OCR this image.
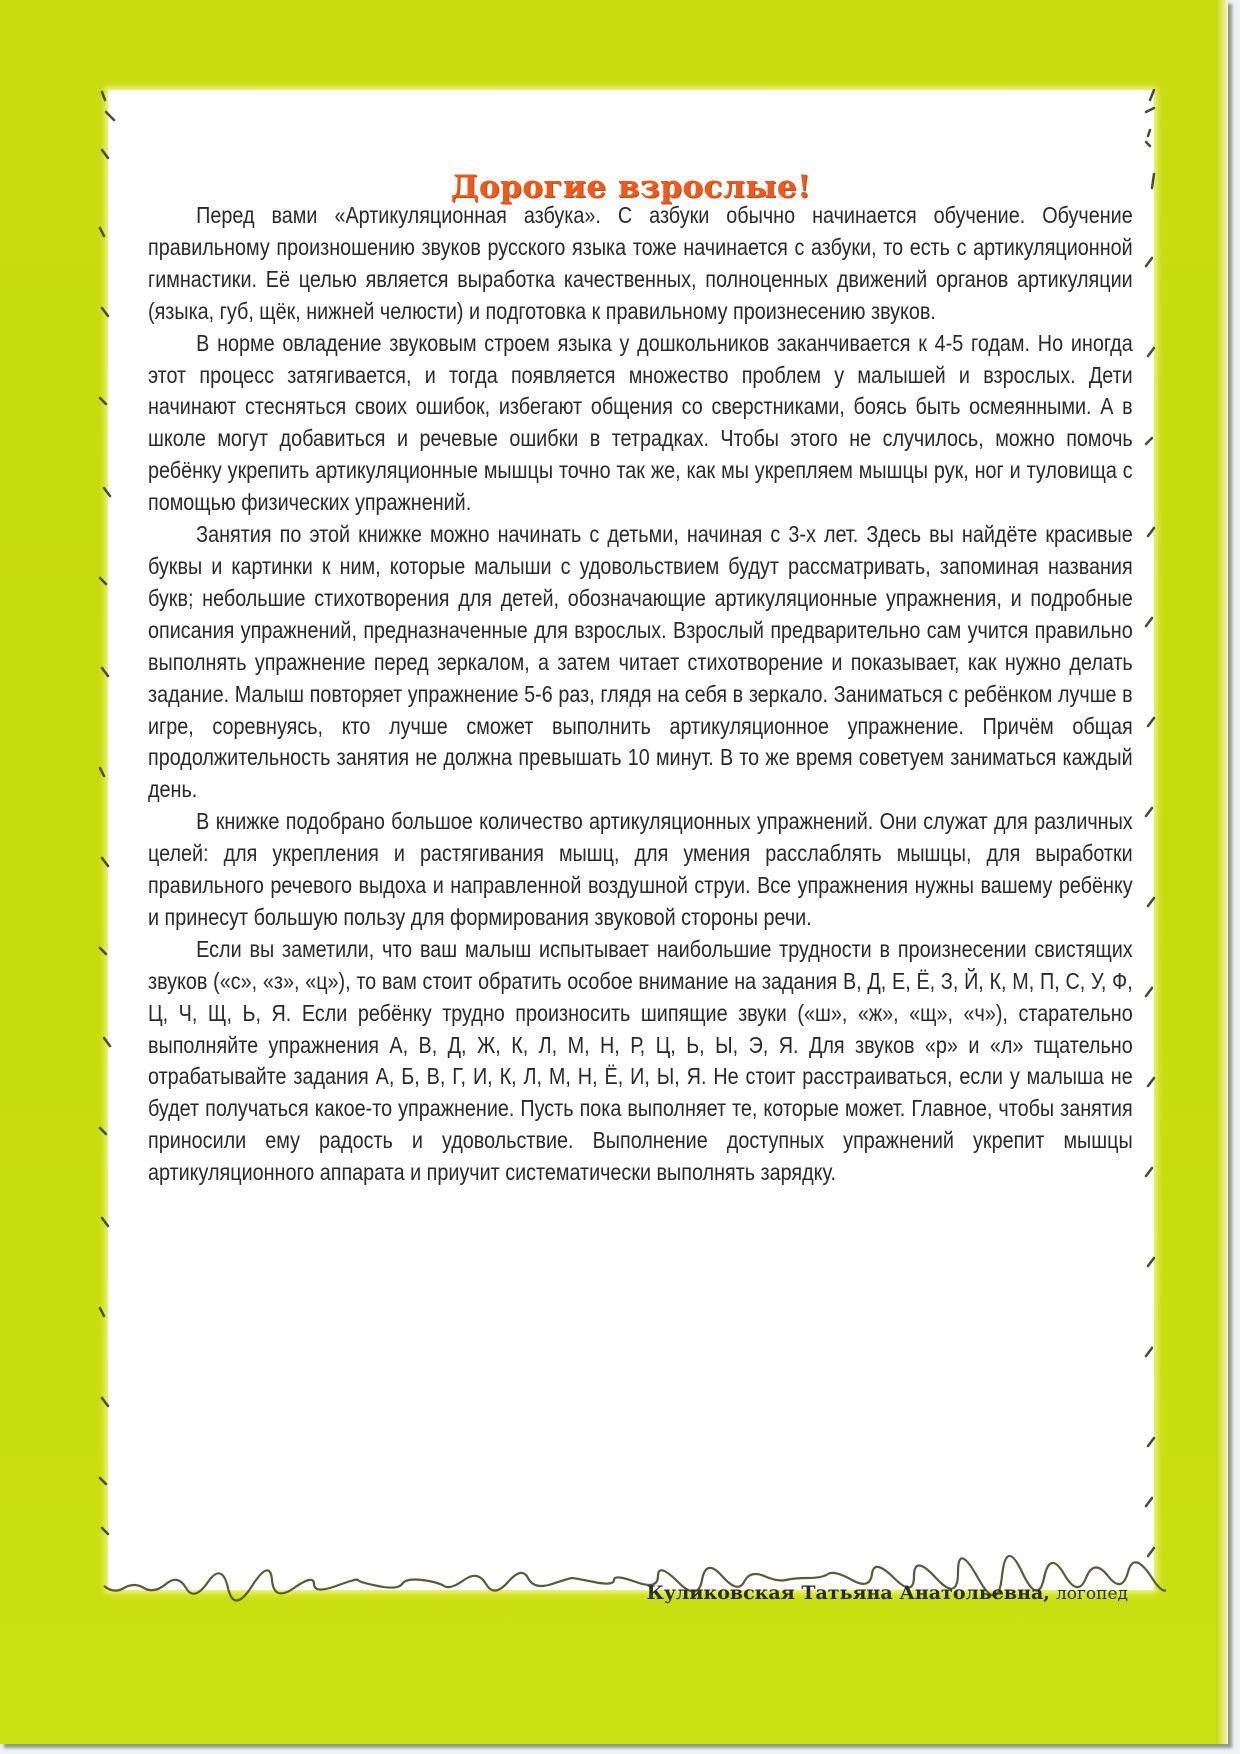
Дорогие взрослые!

Перед вами «Артикуляционная азбука». С азбуки обычно начинается обучение. Обучение правильному произношению звуков русского языка тоже начинается с азбуки, то есть с артикуляционной гимнастики. Её целью является выработка качественных, полноценных движений органов артикуляции (языка, губ, щёк, нижней челюсти) и подготовка к правильному произнесению звуков.

В норме овладение звуковым строем языка у дошкольников заканчивается к 4-5 годам. Но иногда этот процесс затягивается, и тогда появляется множество проблем у малышей и взрослых. Дети начинают стесняться своих ошибок, избегают общения со сверстниками, боясь быть осмеянными. А в школе могут добавиться и речевые ошибки в тетрадках. Чтобы этого не случилось, можно помочь ребёнку укрепить артикуляционные мышцы точно так же, как мы укрепляем мышцы рук, ног и туловища с помощью физических упражнений.

Занятия по этой книжке можно начинать с детьми, начиная с 3-х лет. Здесь вы найдёте красивые буквы и картинки к ним, которые малыши с удовольствием будут рассматривать, запоминая названия букв; небольшие стихотворения для детей, обозначающие артикуляционные упражнения, и подробные описания упражнений, предназначенные для взрослых. Взрослый предварительно сам учится правильно выполнять упражнение перед зеркалом, а затем читает стихотворение и показывает, как нужно делать задание. Малыш повторяет упражнение 5-6 раз, глядя на себя в зеркало. Заниматься с ребёнком лучше в игре, соревнуясь, кто лучше сможет выполнить артикуляционное упражнение. Причём общая продолжительность занятия не должна превышать 10 минут. В то же время советуем заниматься каждый день.

В книжке подобрано большое количество артикуляционных упражнений. Они служат для различных целей: для укрепления и растягивания мышц, для умения расслаблять мышцы, для выработки правильного речевого выдоха и направленной воздушной струи. Все упражнения нужны вашему ребёнку и принесут большую пользу для формирования звуковой стороны речи.

Если вы заметили, что ваш малыш испытывает наибольшие трудности в произнесении свистящих звуков («с», «з», «ц»), то вам стоит обратить особое внимание на задания В, Д, Е, Ё, З, Й, К, М, П, С, У, Ф, Ц, Ч, Щ, Ь, Я. Если ребёнку трудно произносить шипящие звуки («ш», «ж», «щ», «ч»), старательно выполняйте упражнения А, В, Д, Ж, К, Л, М, Н, Р, Ц, Ь, Ы, Э, Я. Для звуков «р» и «л» тщательно отрабатывайте задания А, Б, В, Г, И, К, Л, М, Н, Ё, И, Ы, Я. Не стоит расстраиваться, если у малыша не будет получаться какое-то упражнение. Пусть пока выполняет те, которые может. Главное, чтобы занятия приносили ему радость и удовольствие. Выполнение доступных упражнений укрепит мышцы артикуляционного аппарата и приучит систематически выполнять зарядку.

Куликовская Татьяна Анатольевна, логопед
